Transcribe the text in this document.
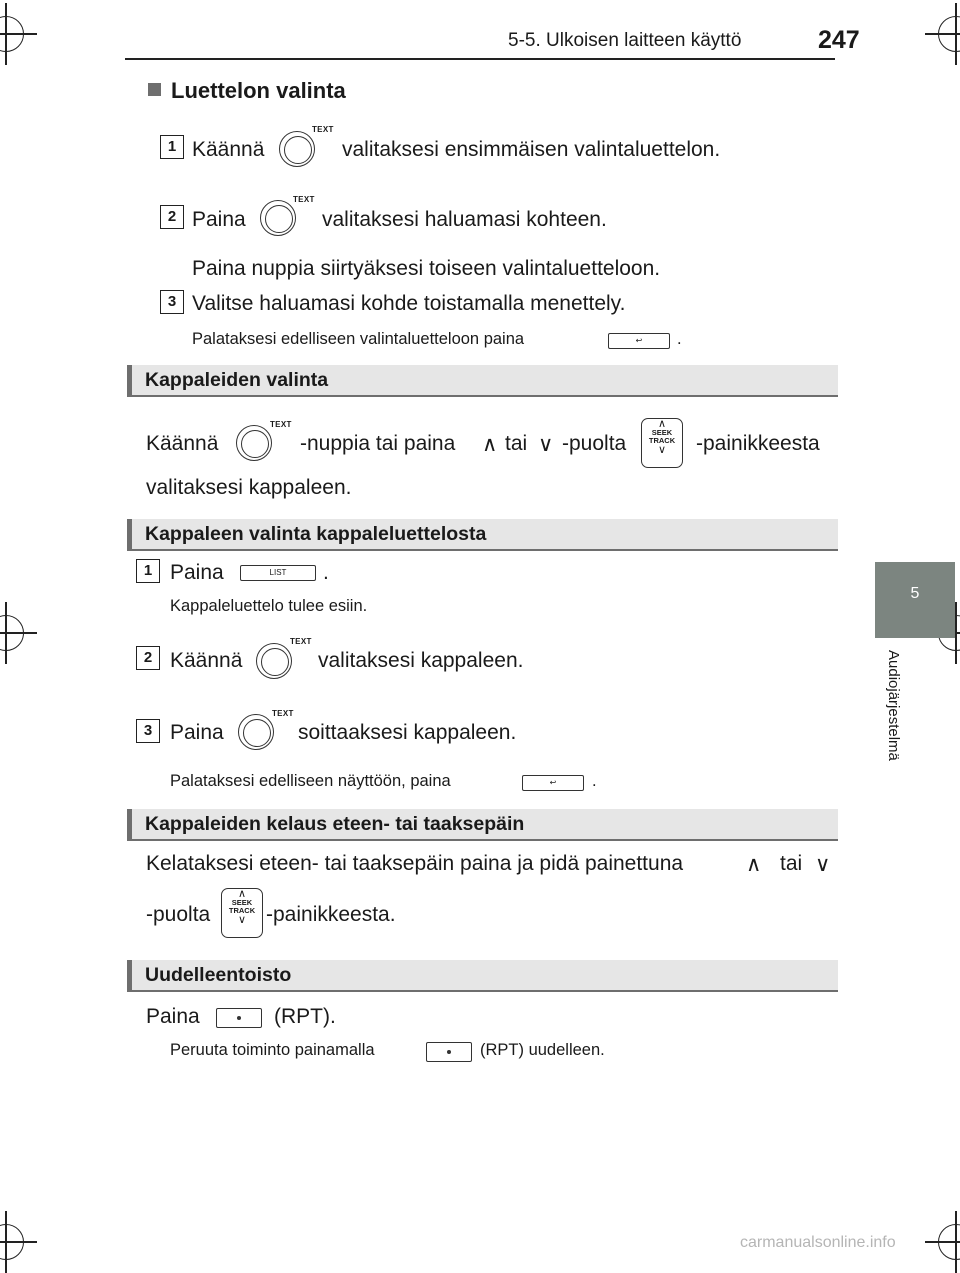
5-5. Ulkoisen laitteen käyttö	247
5
Audiojärjestelmä
Luettelon valinta
1 Käännä
TEXT
valitaksesi ensimmäisen valintaluettelon.
2 Paina
TEXT
valitaksesi haluamasi kohteen.
Paina nuppia siirtyäksesi toiseen valintaluetteloon.
3 Valitse haluamasi kohde toistamalla menettely.
Palataksesi edelliseen valintaluetteloon paina	↩	.
Kappaleiden valinta
Käännä
TEXT
-nuppia tai paina ∧ tai ∨ -puolta
∧
SEEK TRACK
∨	-painikkeesta
valitaksesi kappaleen.
Kappaleen valinta kappaleluettelosta
1 Paina	LIST	.
Kappaleluettelo tulee esiin.
2 Käännä
TEXT
valitaksesi kappaleen.
3 Paina
TEXT
soittaaksesi kappaleen.
Palataksesi edelliseen näyttöön, paina	↩	.
Kappaleiden kelaus eteen- tai taaksepäin
Kelataksesi eteen- tai taaksepäin paina ja pidä painettuna	∧ tai ∨
-puolta
∧
SEEK TRACK
∨ -painikkeesta.
Uudelleentoisto
Paina	(RPT).
Peruuta toiminto painamalla	(RPT) uudelleen.
carmanualsonline.info
